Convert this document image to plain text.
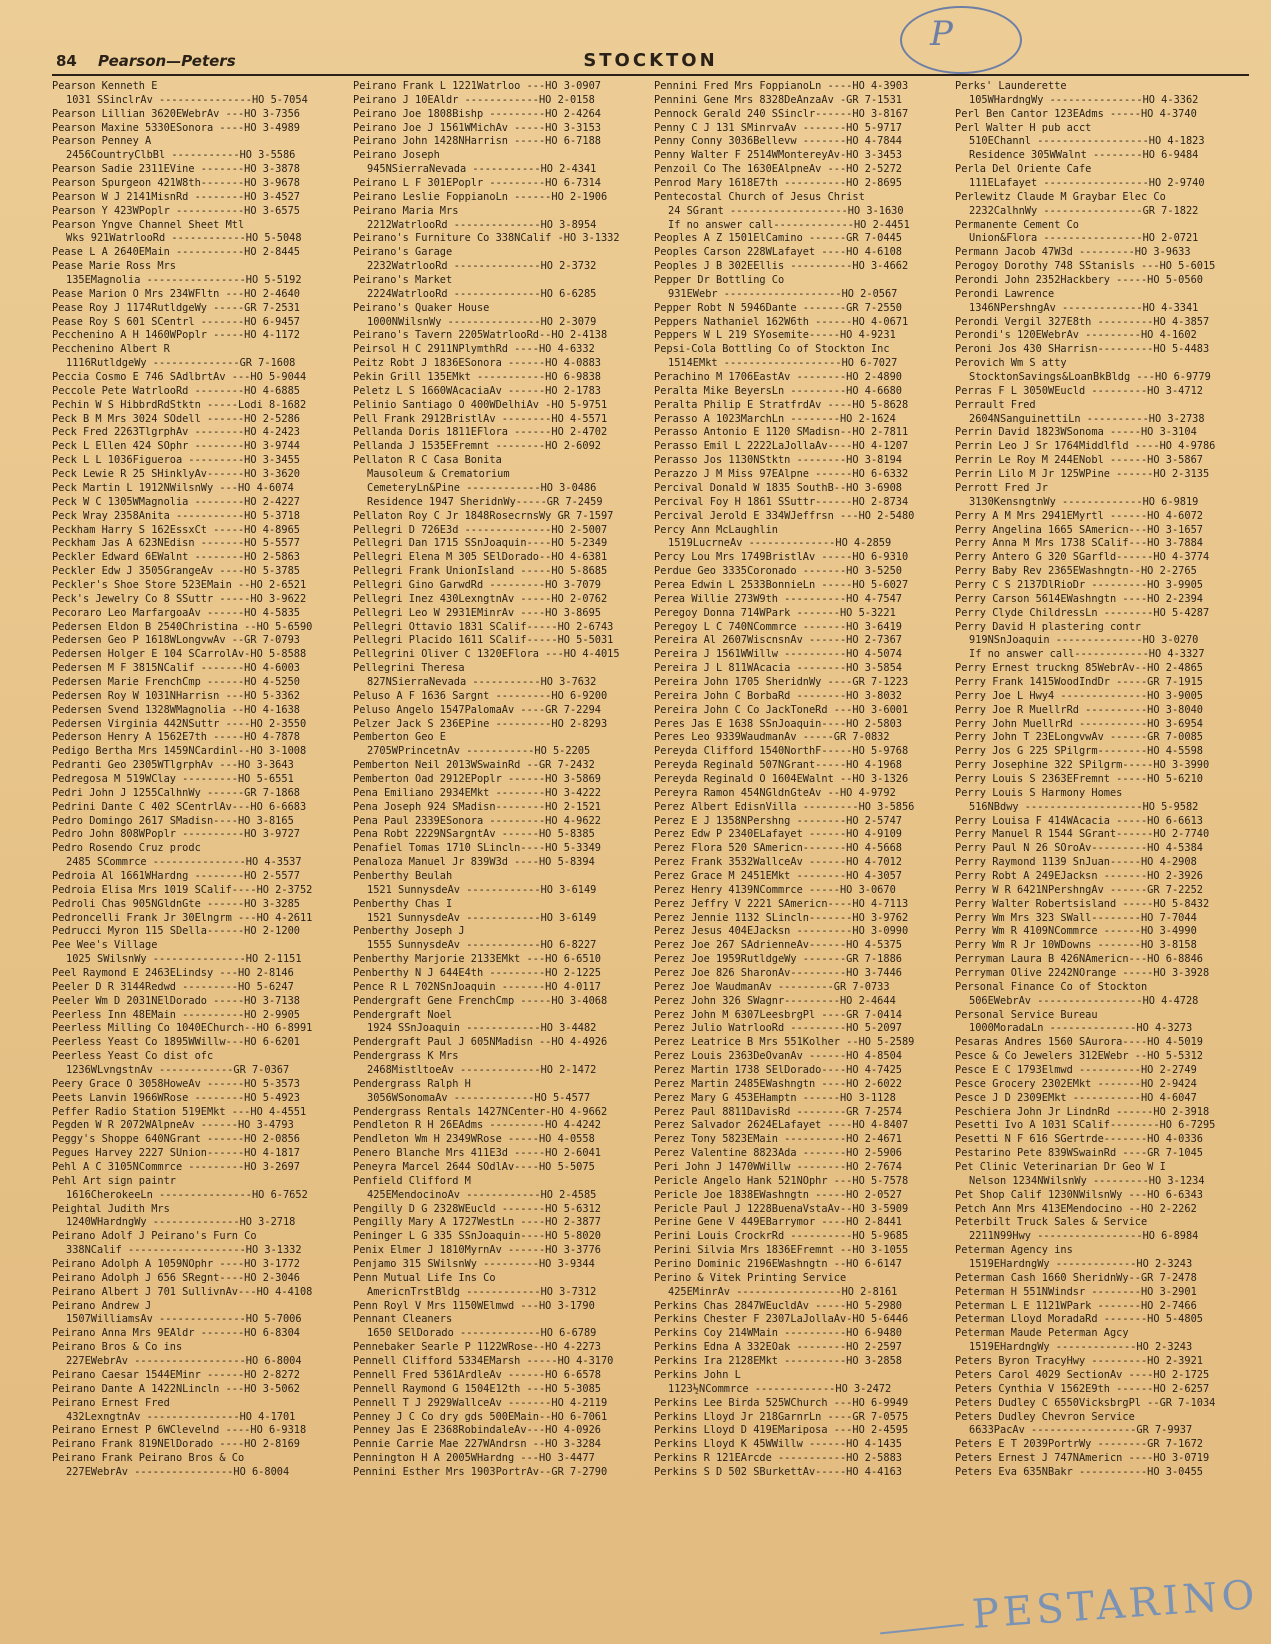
84 Pearson—Peters	STOCKTON
P
Pearson Kenneth E
1031 SSinclrAv ---------------HO 5-7054
Pearson Lillian 3620EWebrAv ---HO 3-7356
Pearson Maxine 5330ESonora ----HO 3-4989
Pearson Penney A
2456CountryClbBl -----------HO 3-5586
Pearson Sadie 2311EVine -------HO 3-3878
Pearson Spurgeon 421W8th-------HO 3-9678
Pearson W J 2141MisnRd --------HO 3-4527
Pearson Y 423WPoplr -----------HO 3-6575
Pearson Yngve Channel Sheet Mtl
Wks 921WatrlooRd ------------HO 5-5048
Pease L A 2640EMain -----------HO 2-8445
Pease Marie Ross Mrs
135EMagnolia ----------------HO 5-5192
Pease Marion O Mrs 234WFltn ---HO 2-4640
Pease Roy J 1174RutldgeWy -----GR 7-2531
Pease Roy S 601 SCentrl -------HO 6-9457
Pecchenino A H 1460WPoplr -----HO 4-1172
Pecchenino Albert R
1116RutldgeWy --------------GR 7-1608
Peccia Cosmo E 746 SAdlbrtAv ---HO 5-9044
Peccole Pete WatrlooRd --------HO 4-6885
Pechin W S HibbrdRdStktn -----Lodi 8-1682
Peck B M Mrs 3024 SOdell ------HO 2-5286
Peck Fred 2263TlgrphAv --------HO 4-2423
Peck L Ellen 424 SOphr --------HO 3-9744
Peck L L 1036Figueroa ---------HO 3-3455
Peck Lewie R 25 SHinklyAv------HO 3-3620
Peck Martin L 1912NWilsnWy ---HO 4-6074
Peck W C 1305WMagnolia --------HO 2-4227
Peck Wray 2358Anita -----------HO 5-3718
Peckham Harry S 162EssxCt -----HO 4-8965
Peckham Jas A 623NEdisn -------HO 5-5577
Peckler Edward 6EWalnt --------HO 2-5863
Peckler Edw J 3505GrangeAv ----HO 5-3785
Peckler's Shoe Store 523EMain --HO 2-6521
Peck's Jewelry Co 8 SSuttr -----HO 3-9622
Pecoraro Leo MarfargoaAv ------HO 4-5835
Pedersen Eldon B 2540Christina --HO 5-6590
Pedersen Geo P 1618WLongvwAv --GR 7-0793
Pedersen Holger E 104 SCarrolAv-HO 5-8588
Pedersen M F 3815NCalif -------HO 4-6003
Pedersen Marie FrenchCmp ------HO 4-5250
Pedersen Roy W 1031NHarrisn ---HO 5-3362
Pedersen Svend 1328WMagnolia --HO 4-1638
Pedersen Virginia 442NSuttr ----HO 2-3550
Pederson Henry A 1562E7th -----HO 4-7878
Pedigo Bertha Mrs 1459NCardinl--HO 3-1008
Pedranti Geo 2305WTlgrphAv ---HO 3-3643
Pedregosa M 519WClay ---------HO 5-6551
Pedri John J 1255CalhnWy ------GR 7-1868
Pedrini Dante C 402 SCentrlAv---HO 6-6683
Pedro Domingo 2617 SMadisn----HO 3-8165
Pedro John 808WPoplr ----------HO 3-9727
Pedro Rosendo Cruz prodc
2485 SCommrce ---------------HO 4-3537
Pedroia Al 1661WHardng --------HO 2-5577
Pedroia Elisa Mrs 1019 SCalif----HO 2-3752
Pedroli Chas 905NGldnGte ------HO 3-3285
Pedroncelli Frank Jr 30Elngrm ---HO 4-2611
Pedrucci Myron 115 SDella------HO 2-1200
Pee Wee's Village
1025 SWilsnWy ---------------HO 2-1151
Peel Raymond E 2463ELindsy ---HO 2-8146
Peeler D R 3144Redwd ---------HO 5-6247
Peeler Wm D 2031NElDorado -----HO 3-7138
Peerless Inn 48EMain ----------HO 2-9905
Peerless Milling Co 1040EChurch--HO 6-8991
Peerless Yeast Co 1895WWillw---HO 6-6201
Peerless Yeast Co dist ofc
1236WLvngstnAv ------------GR 7-0367
Peery Grace O 3058HoweAv ------HO 5-3573
Peets Lanvin 1966WRose --------HO 5-4923
Peffer Radio Station 519EMkt ---HO 4-4551
Pegden W R 2072WAlpneAv ------HO 3-4793
Peggy's Shoppe 640NGrant ------HO 2-0856
Pegues Harvey 2227 SUnion------HO 4-1817
Pehl A C 3105NCommrce ---------HO 3-2697
Pehl Art sign paintr
1616CherokeeLn ---------------HO 6-7652
Peightal Judith Mrs
1240WHardngWy --------------HO 3-2718
Peirano Adolf J Peirano's Furn Co
338NCalif -------------------HO 3-1332
Peirano Adolph A 1059NOphr ----HO 3-1772
Peirano Adolph J 656 SRegnt----HO 2-3046
Peirano Albert J 701 SullivnAv---HO 4-4108
Peirano Andrew J
1507WilliamsAv --------------HO 5-7006
Peirano Anna Mrs 9EAldr -------HO 6-8304
Peirano Bros & Co ins
227EWebrAv ------------------HO 6-8004
Peirano Caesar 1544EMinr ------HO 2-8272
Peirano Dante A 1422NLincln ---HO 3-5062
Peirano Ernest Fred
432LexngtnAv ---------------HO 4-1701
Peirano Ernest P 6WClevelnd ----HO 6-9318
Peirano Frank 819NElDorado ----HO 2-8169
Peirano Frank Peirano Bros & Co
227EWebrAv ----------------HO 6-8004
Peirano Frank L 1221Watrloo ---HO 3-0907
Peirano J 10EAldr ------------HO 2-0158
Peirano Joe 1808Bishp ---------HO 2-4264
Peirano Joe J 1561WMichAv -----HO 3-3153
Peirano John 1428NHarrisn -----HO 6-7188
Peirano Joseph
945NSierraNevada -----------HO 2-4341
Peirano L F 301EPoplr ---------HO 6-7314
Peirano Leslie FoppianoLn ------HO 2-1906
Peirano Maria Mrs
2212WatrlooRd --------------HO 3-8954
Peirano's Furniture Co 338NCalif -HO 3-1332
Peirano's Garage
2232WatrlooRd --------------HO 2-3732
Peirano's Market
2224WatrlooRd --------------HO 6-6285
Peirano's Quaker House
1000NWilsnWy ---------------HO 2-3079
Peirano's Tavern 2205WatrlooRd--HO 2-4138
Peirsol H C 2911NPlymthRd ----HO 4-6332
Peitz Robt J 1836ESonora ------HO 4-0883
Pekin Grill 135EMkt -----------HO 6-9838
Peletz L S 1660WAcaciaAv ------HO 2-1783
Pelinio Santiago O 400WDelhiAv -HO 5-9751
Pell Frank 2912BristlAv --------HO 4-5571
Pellanda Doris 1811EFlora ------HO 2-4702
Pellanda J 1535EFremnt --------HO 2-6092
Pellaton R C Casa Bonita
Mausoleum & Crematorium
CemeteryLn&Pine ------------HO 3-0486
Residence 1947 SheridnWy-----GR 7-2459
Pellaton Roy C Jr 1848RosecrnsWy GR 7-1597
Pellegri D 726E3d --------------HO 2-5007
Pellegri Dan 1715 SSnJoaquin----HO 5-2349
Pellegri Elena M 305 SElDorado--HO 4-6381
Pellegri Frank UnionIsland -----HO 5-8685
Pellegri Gino GarwdRd ---------HO 3-7079
Pellegri Inez 430LexngtnAv -----HO 2-0762
Pellegri Leo W 2931EMinrAv ----HO 3-8695
Pellegri Ottavio 1831 SCalif-----HO 2-6743
Pellegri Placido 1611 SCalif-----HO 5-5031
Pellegrini Oliver C 1320EFlora ---HO 4-4015
Pellegrini Theresa
827NSierraNevada -----------HO 3-7632
Peluso A F 1636 Sargnt ---------HO 6-9200
Peluso Angelo 1547PalomaAv ----GR 7-2294
Pelzer Jack S 236EPine ---------HO 2-8293
Pemberton Geo E
2705WPrincetnAv -----------HO 5-2205
Pemberton Neil 2013WSwainRd --GR 7-2432
Pemberton Oad 2912EPoplr ------HO 3-5869
Pena Emiliano 2934EMkt --------HO 3-4222
Pena Joseph 924 SMadisn--------HO 2-1521
Pena Paul 2339ESonora ---------HO 4-9622
Pena Robt 2229NSargntAv ------HO 5-8385
Penafiel Tomas 1710 SLincln----HO 5-3349
Penaloza Manuel Jr 839W3d ----HO 5-8394
Penberthy Beulah
1521 SunnysdeAv ------------HO 3-6149
Penberthy Chas I
1521 SunnysdeAv ------------HO 3-6149
Penberthy Joseph J
1555 SunnysdeAv ------------HO 6-8227
Penberthy Marjorie 2133EMkt ---HO 6-6510
Penberthy N J 644E4th ---------HO 2-1225
Pence R L 702NSnJoaquin -------HO 4-0117
Pendergraft Gene FrenchCmp -----HO 3-4068
Pendergraft Noel
1924 SSnJoaquin ------------HO 3-4482
Pendergraft Paul J 605NMadisn --HO 4-4926
Pendergrass K Mrs
2468MistltoeAv -------------HO 2-1472
Pendergrass Ralph H
3056WSonomaAv -------------HO 5-4577
Pendergrass Rentals 1427NCenter-HO 4-9662
Pendleton R H 26EAdms ---------HO 4-4242
Pendleton Wm H 2349WRose -----HO 4-0558
Penero Blanche Mrs 411E3d -----HO 2-6041
Peneyra Marcel 2644 SOdlAv----HO 5-5075
Penfield Clifford M
425EMendocinoAv ------------HO 2-4585
Pengilly D G 2328WEucld -------HO 5-6312
Pengilly Mary A 1727WestLn ----HO 2-3877
Peninger L G 335 SSnJoaquin----HO 5-8020
Penix Elmer J 1810MyrnAv ------HO 3-3776
Penjamo 315 SWilsnWy ---------HO 3-9344
Penn Mutual Life Ins Co
AmericnTrstBldg ------------HO 3-7312
Penn Royl V Mrs 1150WElmwd ---HO 3-1790
Pennant Cleaners
1650 SElDorado -------------HO 6-6789
Pennebaker Searle P 1122WRose--HO 4-2273
Pennell Clifford 5334EMarsh -----HO 4-3170
Pennell Fred 5361ArdleAv ------HO 6-6578
Pennell Raymond G 1504E12th ---HO 5-3085
Pennell T J 2929WallceAv -------HO 4-2119
Penney J C Co dry gds 500EMain--HO 6-7061
Penney Jas E 2368RobindaleAv---HO 4-0926
Pennie Carrie Mae 227WAndrsn --HO 3-3284
Pennington H A 2005WHardng ---HO 3-4477
Pennini Esther Mrs 1903PortrAv--GR 7-2790
Pennini Fred Mrs FoppianoLn ----HO 4-3903
Pennini Gene Mrs 8328DeAnzaAv -GR 7-1531
Pennock Gerald 240 SSinclr------HO 3-8167
Penny C J 131 SMinrvaAv -------HO 5-9717
Penny Conny 3036Bellevw -------HO 4-7844
Penny Walter F 2514WMontereyAv-HO 3-3453
Penzoil Co The 1630EAlpneAv ---HO 2-5272
Penrod Mary 1618E7th ----------HO 2-8695
Pentecostal Church of Jesus Christ
24 SGrant -------------------HO 3-1630
If no answer call-------------HO 2-4451
Peoples A Z 1501ElCamino ------GR 7-0445
Peoples Carson 228WLafayet ----HO 4-6108
Peoples J B 302EEllis ----------HO 3-4662
Pepper Dr Bottling Co
931EWebr -------------------HO 2-0567
Pepper Robt N 5946Dante -------GR 7-2550
Peppers Nathaniel 162W6th ------HO 4-0671
Peppers W L 219 SYosemite-----HO 4-9231
Pepsi-Cola Bottling Co of Stockton Inc
1514EMkt -------------------HO 6-7027
Perachino M 1706EastAv --------HO 2-4890
Peralta Mike BeyersLn ---------HO 4-6680
Peralta Philip E StratfrdAv ----HO 5-8628
Perasso A 1023MarchLn --------HO 2-1624
Perasso Antonio E 1120 SMadisn--HO 2-7811
Perasso Emil L 2222LaJollaAv----HO 4-1207
Perasso Jos 1130NStktn --------HO 3-8194
Perazzo J M Miss 97EAlpne ------HO 6-6332
Percival Donald W 1835 SouthB--HO 3-6908
Percival Foy H 1861 SSuttr------HO 2-8734
Percival Jerold E 334WJeffrsn ---HO 2-5480
Percy Ann McLaughlin
1519LucrneAv --------------HO 4-2859
Percy Lou Mrs 1749BristlAv -----HO 6-9310
Perdue Geo 3335Coronado -------HO 3-5250
Perea Edwin L 2533BonnieLn -----HO 5-6027
Perea Willie 273W9th ----------HO 4-7547
Peregoy Donna 714WPark -------HO 5-3221
Peregoy L C 740NCommrce -------HO 3-6419
Pereira Al 2607WiscnsnAv ------HO 2-7367
Pereira J 1561WWillw ----------HO 4-5074
Pereira J L 811WAcacia --------HO 3-5854
Pereira John 1705 SheridnWy ----GR 7-1223
Pereira John C BorbaRd --------HO 3-8032
Pereira John C Co JackToneRd ---HO 3-6001
Peres Jas E 1638 SSnJoaquin----HO 2-5803
Peres Leo 9339WaudmanAv -----GR 7-0832
Pereyda Clifford 1540NorthF-----HO 5-9768
Pereyda Reginald 507NGrant-----HO 4-1968
Pereyda Reginald O 1604EWalnt --HO 3-1326
Pereyra Ramon 454NGldnGteAv --HO 4-9792
Perez Albert EdisnVilla ---------HO 3-5856
Perez E J 1358NPershng --------HO 2-5747
Perez Edw P 2340ELafayet ------HO 4-9109
Perez Flora 520 SAmericn-------HO 4-5668
Perez Frank 3532WallceAv ------HO 4-7012
Perez Grace M 2451EMkt --------HO 4-3057
Perez Henry 4139NCommrce -----HO 3-0670
Perez Jeffry V 2221 SAmericn----HO 4-7113
Perez Jennie 1132 SLincln-------HO 3-9762
Perez Jesus 404EJacksn ---------HO 3-0990
Perez Joe 267 SAdrienneAv------HO 4-5375
Perez Joe 1959RutldgeWy -------GR 7-1886
Perez Joe 826 SharonAv---------HO 3-7446
Perez Joe WaudmanAv ---------GR 7-0733
Perez John 326 SWagnr---------HO 2-4644
Perez John M 6307LeesbrgPl ----GR 7-0414
Perez Julio WatrlooRd ---------HO 5-2097
Perez Leatrice B Mrs 551Kolher --HO 5-2589
Perez Louis 2363DeOvanAv ------HO 4-8504
Perez Martin 1738 SElDorado----HO 4-7425
Perez Martin 2485EWashngtn ----HO 2-6022
Perez Mary G 453EHamptn ------HO 3-1128
Perez Paul 8811DavisRd --------GR 7-2574
Perez Salvador 2624ELafayet ----HO 4-8407
Perez Tony 5823EMain ----------HO 2-4671
Perez Valentine 8823Ada -------HO 2-5906
Peri John J 1470WWillw --------HO 2-7674
Pericle Angelo Hank 521NOphr ---HO 5-7578
Pericle Joe 1838EWashngtn -----HO 2-0527
Pericle Paul J 1228BuenaVstaAv--HO 3-5909
Perine Gene V 449EBarrymor ----HO 2-8441
Perini Louis CrockrRd ----------HO 5-9685
Perini Silvia Mrs 1836EFremnt --HO 3-1055
Perino Dominic 2196EWashngtn --HO 6-6147
Perino & Vitek Printing Service
425EMinrAv -----------------HO 2-8161
Perkins Chas 2847WEucldAv -----HO 5-2980
Perkins Chester F 2307LaJollaAv-HO 5-6446
Perkins Coy 214WMain ----------HO 6-9480
Perkins Edna A 332EOak --------HO 2-2597
Perkins Ira 2128EMkt ----------HO 3-2858
Perkins John L
1123½NCommrce -------------HO 3-2472
Perkins Lee Birda 525WChurch ---HO 6-9949
Perkins Lloyd Jr 218GarnrLn ----GR 7-0575
Perkins Lloyd D 419EMariposa ---HO 2-4595
Perkins Lloyd K 45WWillw ------HO 4-1435
Perkins R 121EArcde -----------HO 2-5883
Perkins S D 502 SBurkettAv-----HO 4-4163
Perks' Launderette
105WHardngWy ---------------HO 4-3362
Perl Ben Cantor 123EAdms -----HO 4-3740
Perl Walter H pub acct
510EChannl ------------------HO 4-1823
Residence 305WWalnt --------HO 6-9484
Perla Del Oriente Cafe
111ELafayet -----------------HO 2-9740
Perlewitz Claude M Graybar Elec Co
2232CalhnWy ----------------GR 7-1822
Permanente Cement Co
Union&Flora ----------------HO 2-0721
Permann Jacob 47W3d ---------HO 3-9633
Perogoy Dorothy 748 SStanisls ---HO 5-6015
Perondi John 2352Hackbery -----HO 5-0560
Perondi Lawrence
1346NPershngAv -------------HO 4-3341
Perondi Vergil 327E8th ---------HO 4-3857
Perondi's 120EWebrAv ---------HO 4-1602
Peroni Jos 430 SHarrisn---------HO 5-4483
Perovich Wm S atty
StocktonSavings&LoanBkBldg ---HO 6-9779
Perras F L 3050WEucld ---------HO 3-4712
Perrault Fred
2604NSanguinettiLn ----------HO 3-2738
Perrin David 1823WSonoma -----HO 3-3104
Perrin Leo J Sr 1764Middlfld ----HO 4-9786
Perrin Le Roy M 244ENobl ------HO 3-5867
Perrin Lilo M Jr 125WPine ------HO 2-3135
Perrott Fred Jr
3130KensngtnWy -------------HO 6-9819
Perry A M Mrs 2941EMyrtl ------HO 4-6072
Perry Angelina 1665 SAmericn---HO 3-1657
Perry Anna M Mrs 1738 SCalif---HO 3-7884
Perry Antero G 320 SGarfld------HO 4-3774
Perry Baby Rev 2365EWashngtn--HO 2-2765
Perry C S 2137DlRioDr ---------HO 3-9905
Perry Carson 5614EWashngtn ----HO 2-2394
Perry Clyde ChildressLn --------HO 5-4287
Perry David H plastering contr
919NSnJoaquin --------------HO 3-0270
If no answer call------------HO 4-3327
Perry Ernest truckng 85WebrAv--HO 2-4865
Perry Frank 1415WoodIndDr -----GR 7-1915
Perry Joe L Hwy4 --------------HO 3-9005
Perry Joe R MuellrRd ----------HO 3-8040
Perry John MuellrRd -----------HO 3-6954
Perry John T 23ELongvwAv ------GR 7-0085
Perry Jos G 225 SPilgrm--------HO 4-5598
Perry Josephine 322 SPilgrm-----HO 3-3990
Perry Louis S 2363EFremnt -----HO 5-6210
Perry Louis S Harmony Homes
516NBdwy -------------------HO 5-9582
Perry Louisa F 414WAcacia -----HO 6-6613
Perry Manuel R 1544 SGrant------HO 2-7740
Perry Paul N 26 SOroAv---------HO 4-5384
Perry Raymond 1139 SnJuan-----HO 4-2908
Perry Robt A 249EJacksn -------HO 2-3926
Perry W R 6421NPershngAv ------GR 7-2252
Perry Walter Robertsisland -----HO 5-8432
Perry Wm Mrs 323 SWall--------HO 7-7044
Perry Wm R 4109NCommrce ------HO 3-4990
Perry Wm R Jr 10WDowns -------HO 3-8158
Perryman Laura B 426NAmericn---HO 6-8846
Perryman Olive 2242NOrange -----HO 3-3928
Personal Finance Co of Stockton
506EWebrAv -----------------HO 4-4728
Personal Service Bureau
1000MoradaLn --------------HO 4-3273
Pesaras Andres 1560 SAurora----HO 4-5019
Pesce & Co Jewelers 312EWebr --HO 5-5312
Pesce E C 1793Elmwd ----------HO 2-2749
Pesce Grocery 2302EMkt -------HO 2-9424
Pesce J D 2309EMkt -----------HO 4-6047
Peschiera John Jr LindnRd ------HO 2-3918
Pesetti Ivo A 1031 SCalif--------HO 6-7295
Pesetti N F 616 SGertrde-------HO 4-0336
Pestarino Pete 839WSwainRd ----GR 7-1045
Pet Clinic Veterinarian Dr Geo W I
Nelson 1234NWilsnWy ---------HO 3-1234
Pet Shop Calif 1230NWilsnWy ---HO 6-6343
Petch Ann Mrs 413EMendocino --HO 2-2262
Peterbilt Truck Sales & Service
2211N99Hwy -----------------HO 6-8984
Peterman Agency ins
1519EHardngWy -------------HO 2-3243
Peterman Cash 1660 SheridnWy--GR 7-2478
Peterman H 551NWindsr --------HO 3-2901
Peterman L E 1121WPark -------HO 2-7466
Peterman Lloyd MoradaRd -------HO 5-4805
Peterman Maude Peterman Agcy
1519EHardngWy -------------HO 2-3243
Peters Byron TracyHwy ---------HO 2-3921
Peters Carol 4029 SectionAv ----HO 2-1725
Peters Cynthia V 1562E9th ------HO 2-6257
Peters Dudley C 6550VicksbrgPl --GR 7-1034
Peters Dudley Chevron Service
6633PacAv -----------------GR 7-9937
Peters E T 2039PortrWy --------GR 7-1672
Peters Ernest J 747NAmericn ----HO 3-0719
Peters Eva 635NBakr -----------HO 3-0455
PESTARINO
